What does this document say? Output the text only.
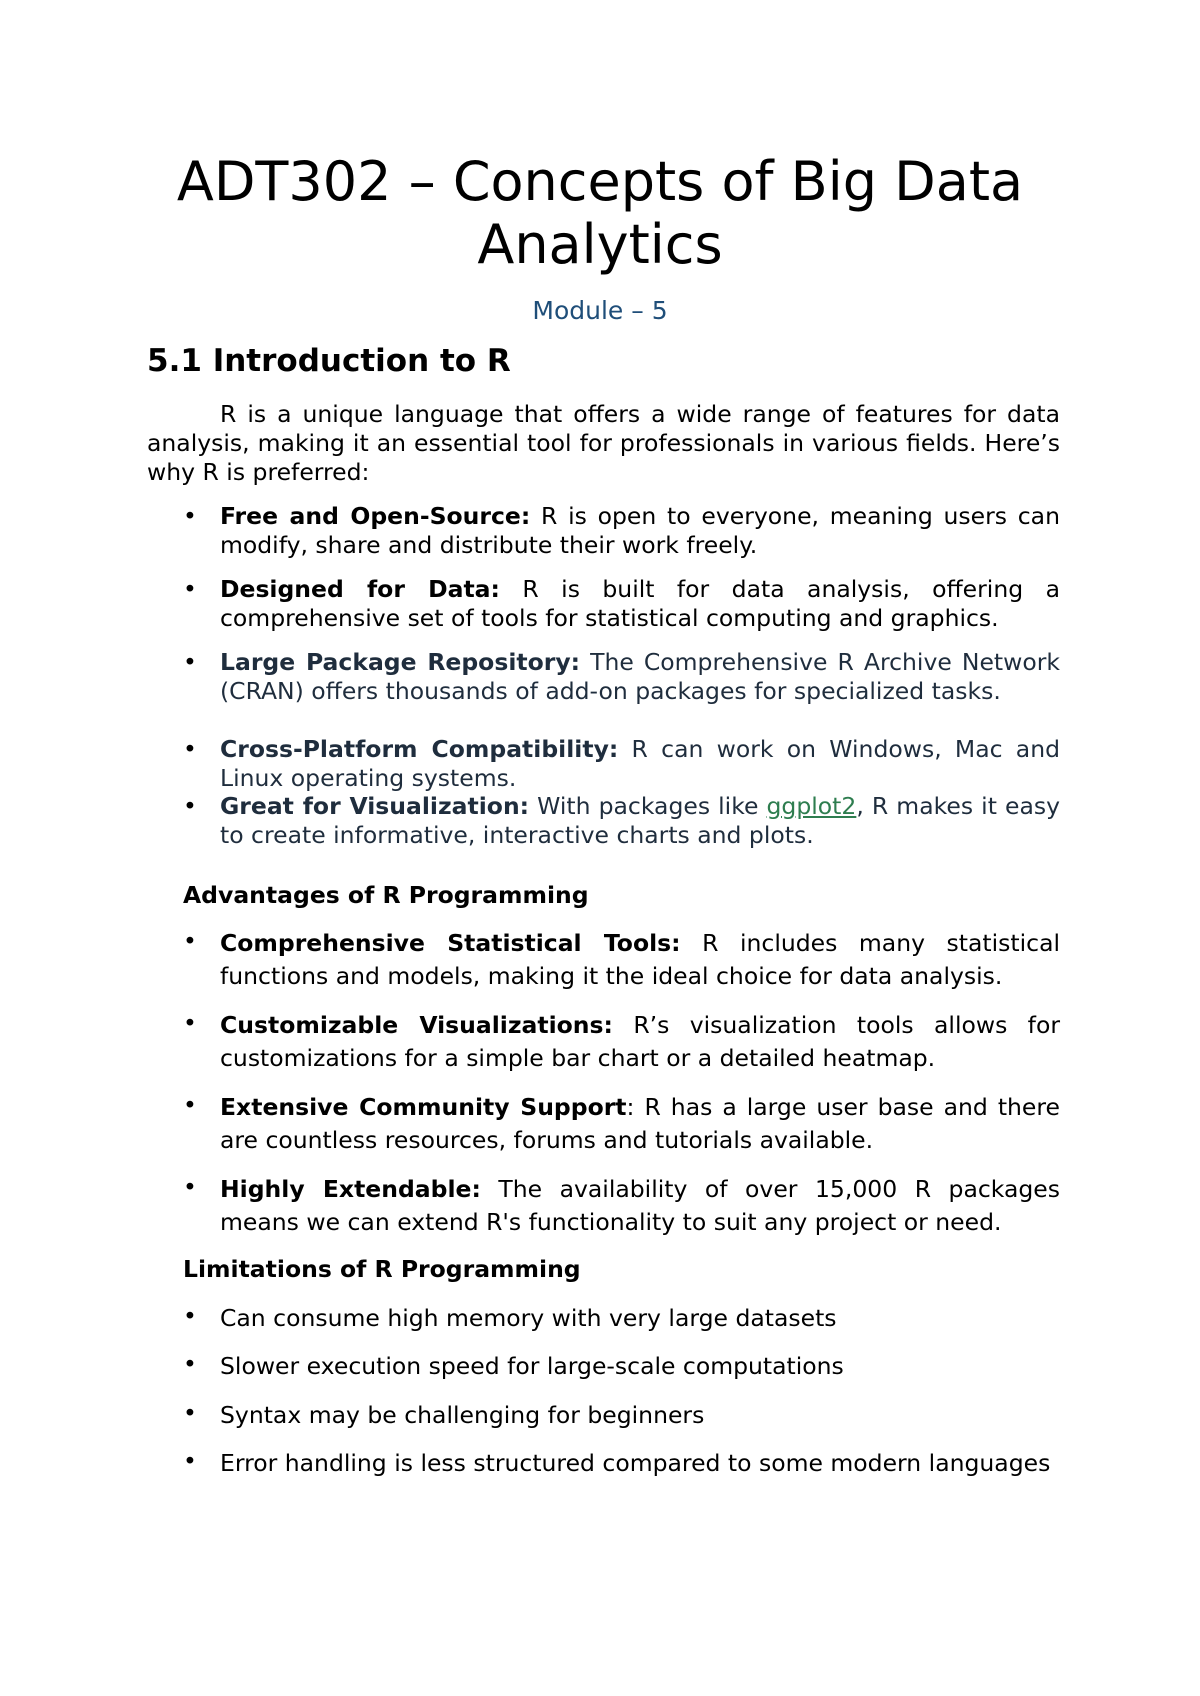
ADT302 – Concepts of Big Data
Analytics
Module – 5
5.1 Introduction to R
R is a unique language that offers a wide range of features for data analysis, making it an essential tool for professionals in various fields. Here’s why R is preferred:
• Free and Open-Source: R is open to everyone, meaning users can modify, share and distribute their work freely.
• Designed for Data: R is built for data analysis, offering a comprehensive set of tools for statistical computing and graphics.
• Large Package Repository: The Comprehensive R Archive Network (CRAN) offers thousands of add-on packages for specialized tasks.
• Cross-Platform Compatibility: R can work on Windows, Mac and Linux operating systems.
• Great for Visualization: With packages like ggplot2, R makes it easy to create informative, interactive charts and plots.
Advantages of R Programming
• Comprehensive Statistical Tools: R includes many statistical functions and models, making it the ideal choice for data analysis.
• Customizable Visualizations: R’s visualization tools allows for customizations for a simple bar chart or a detailed heatmap.
• Extensive Community Support: R has a large user base and there are countless resources, forums and tutorials available.
• Highly Extendable: The availability of over 15,000 R packages means we can extend R's functionality to suit any project or need.
Limitations of R Programming
• Can consume high memory with very large datasets
• Slower execution speed for large-scale computations
• Syntax may be challenging for beginners
• Error handling is less structured compared to some modern languages
